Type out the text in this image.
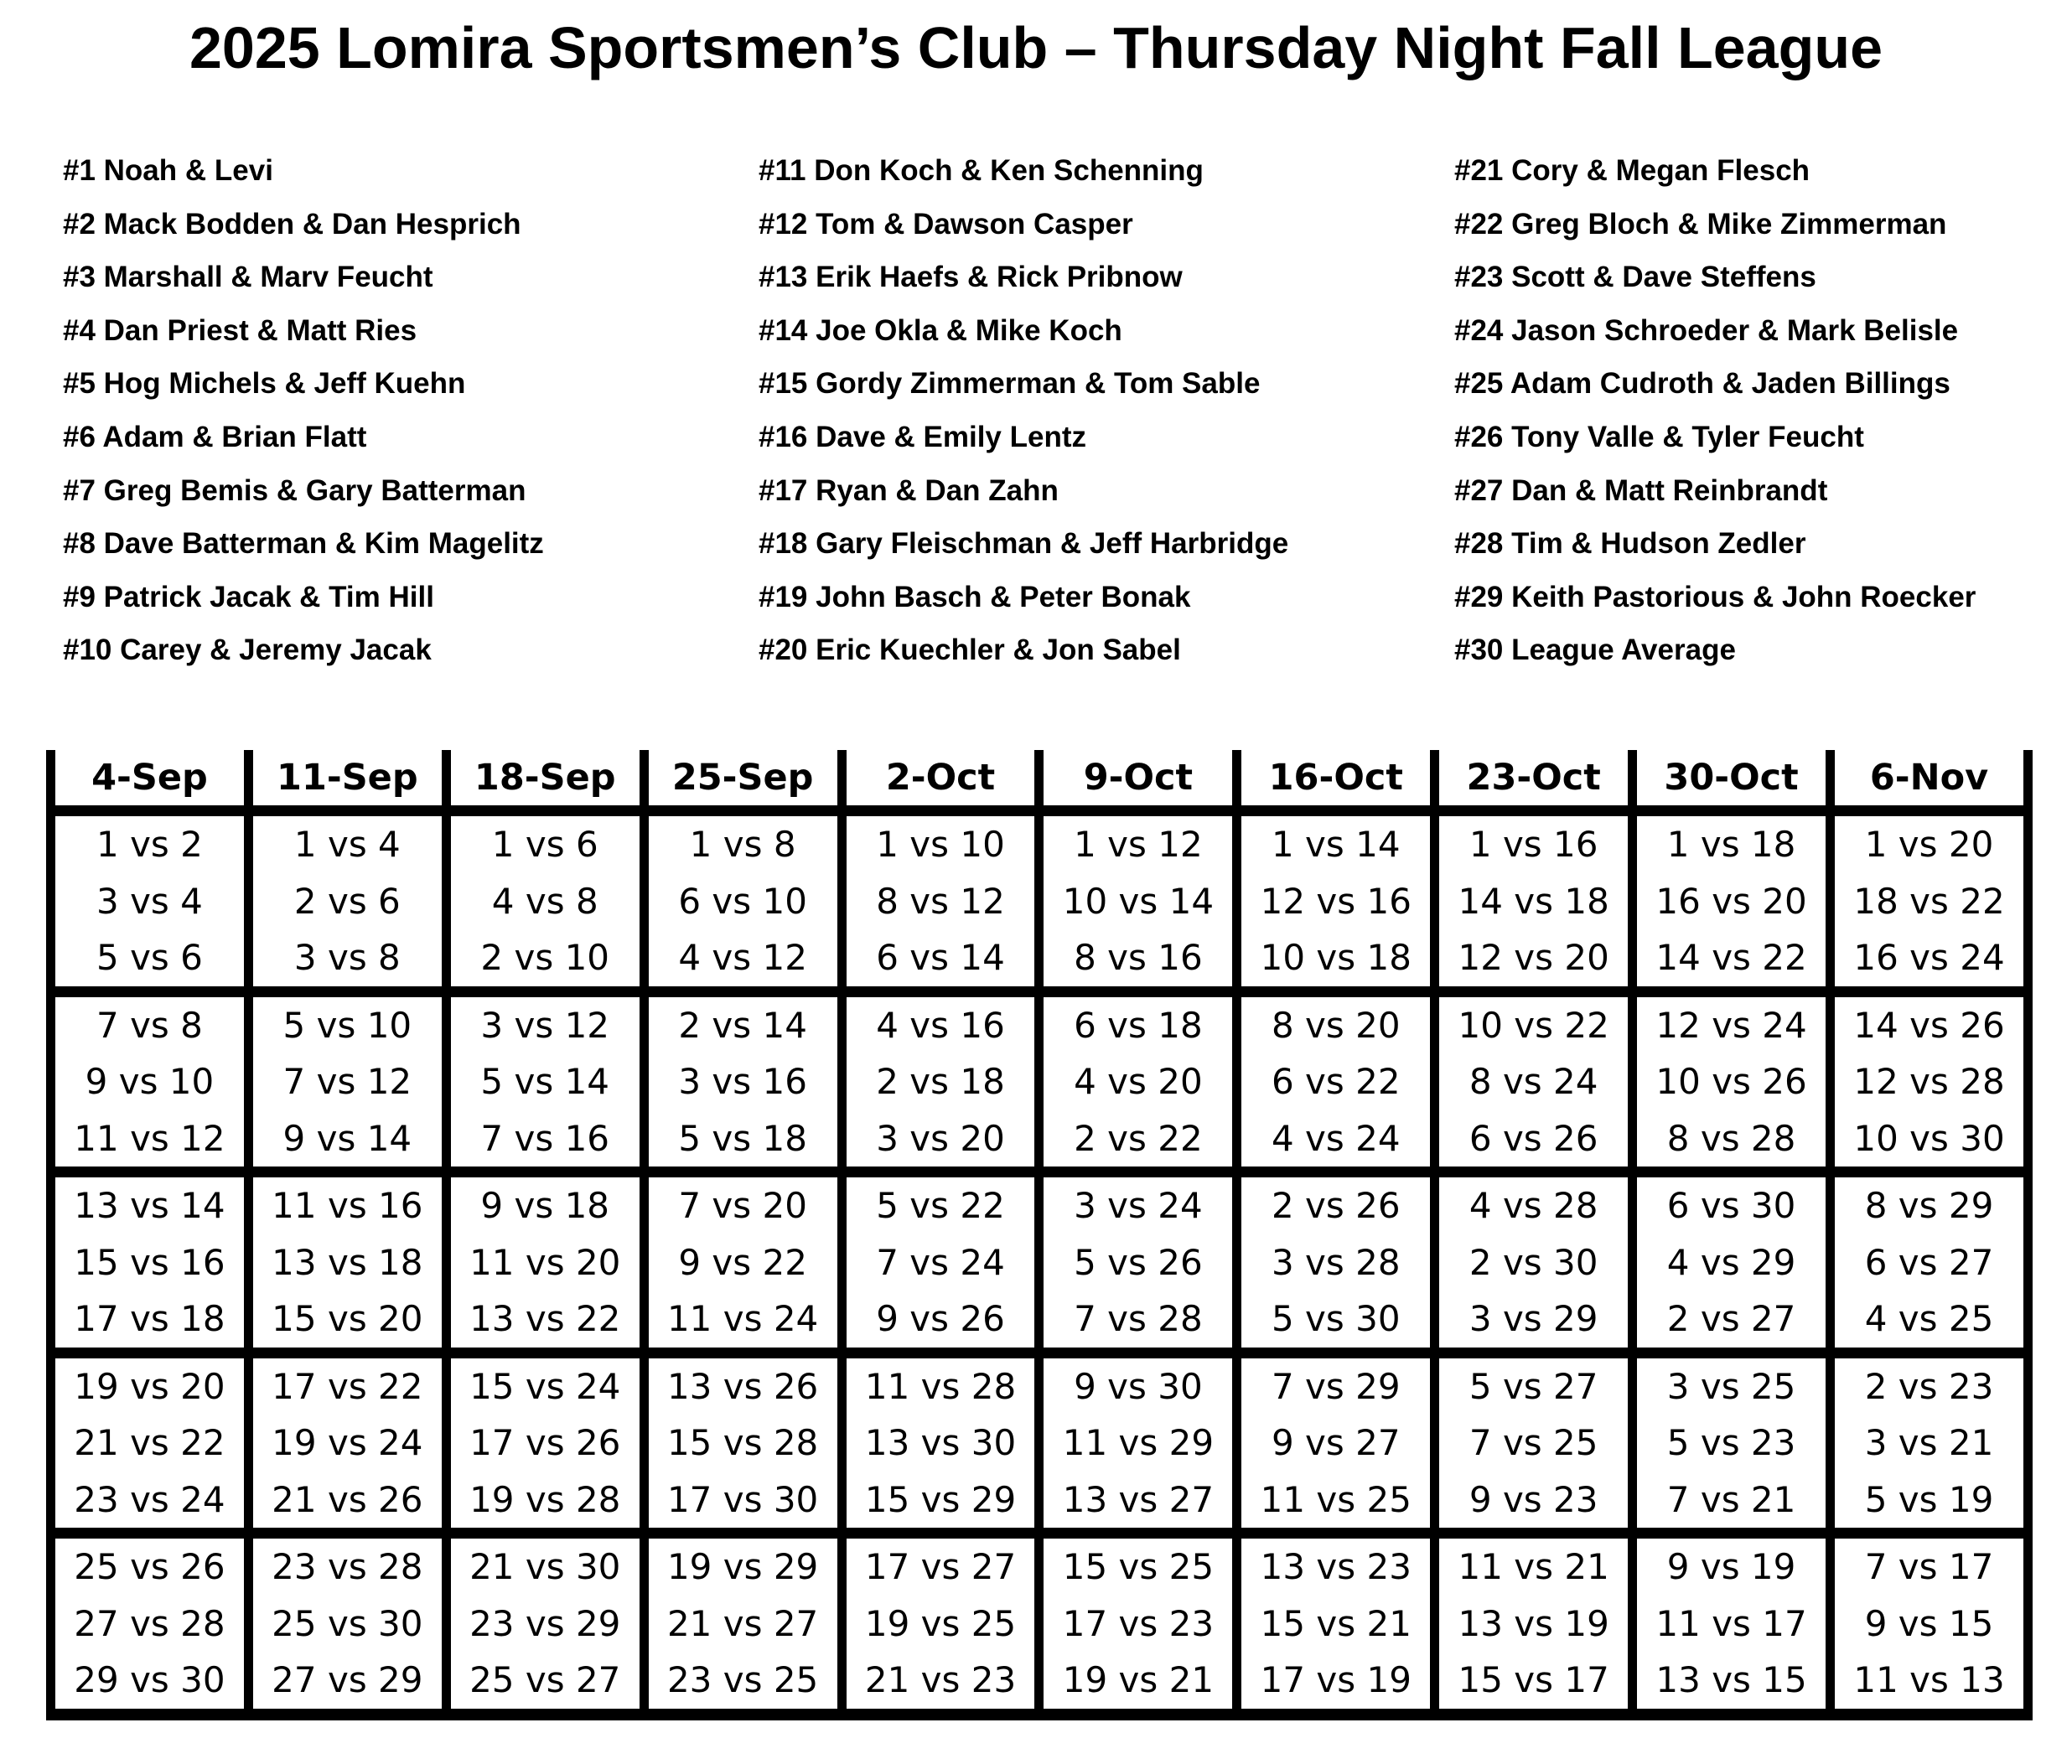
2025 Lomira Sportsmen’s Club – Thursday Night Fall League
#1 Noah & Levi
#2 Mack Bodden & Dan Hesprich
#3 Marshall & Marv Feucht
#4 Dan Priest & Matt Ries
#5 Hog Michels & Jeff Kuehn
#6 Adam & Brian Flatt
#7 Greg Bemis & Gary Batterman
#8 Dave Batterman & Kim Magelitz
#9 Patrick Jacak & Tim Hill
#10 Carey & Jeremy Jacak
#11 Don Koch & Ken Schenning
#12 Tom & Dawson Casper
#13 Erik Haefs & Rick Pribnow
#14 Joe Okla & Mike Koch
#15 Gordy Zimmerman & Tom Sable
#16 Dave & Emily Lentz
#17 Ryan & Dan Zahn
#18 Gary Fleischman & Jeff Harbridge
#19 John Basch & Peter Bonak
#20 Eric Kuechler & Jon Sabel
#21 Cory & Megan Flesch
#22 Greg Bloch & Mike Zimmerman
#23 Scott & Dave Steffens
#24 Jason Schroeder & Mark Belisle
#25 Adam Cudroth & Jaden Billings
#26 Tony Valle & Tyler Feucht
#27 Dan & Matt Reinbrandt
#28 Tim & Hudson Zedler
#29 Keith Pastorious & John Roecker
#30 League Average
4-Sep	11-Sep	18-Sep	25-Sep	2-Oct	9-Oct	16-Oct	23-Oct	30-Oct	6-Nov
1 vs 2	1 vs 4	1 vs 6	1 vs 8	1 vs 10	1 vs 12	1 vs 14	1 vs 16	1 vs 18	1 vs 20
3 vs 4	2 vs 6	4 vs 8	6 vs 10	8 vs 12	10 vs 14	12 vs 16	14 vs 18	16 vs 20	18 vs 22
5 vs 6	3 vs 8	2 vs 10	4 vs 12	6 vs 14	8 vs 16	10 vs 18	12 vs 20	14 vs 22	16 vs 24
7 vs 8	5 vs 10	3 vs 12	2 vs 14	4 vs 16	6 vs 18	8 vs 20	10 vs 22	12 vs 24	14 vs 26
9 vs 10	7 vs 12	5 vs 14	3 vs 16	2 vs 18	4 vs 20	6 vs 22	8 vs 24	10 vs 26	12 vs 28
11 vs 12	9 vs 14	7 vs 16	5 vs 18	3 vs 20	2 vs 22	4 vs 24	6 vs 26	8 vs 28	10 vs 30
13 vs 14	11 vs 16	9 vs 18	7 vs 20	5 vs 22	3 vs 24	2 vs 26	4 vs 28	6 vs 30	8 vs 29
15 vs 16	13 vs 18	11 vs 20	9 vs 22	7 vs 24	5 vs 26	3 vs 28	2 vs 30	4 vs 29	6 vs 27
17 vs 18	15 vs 20	13 vs 22	11 vs 24	9 vs 26	7 vs 28	5 vs 30	3 vs 29	2 vs 27	4 vs 25
19 vs 20	17 vs 22	15 vs 24	13 vs 26	11 vs 28	9 vs 30	7 vs 29	5 vs 27	3 vs 25	2 vs 23
21 vs 22	19 vs 24	17 vs 26	15 vs 28	13 vs 30	11 vs 29	9 vs 27	7 vs 25	5 vs 23	3 vs 21
23 vs 24	21 vs 26	19 vs 28	17 vs 30	15 vs 29	13 vs 27	11 vs 25	9 vs 23	7 vs 21	5 vs 19
25 vs 26	23 vs 28	21 vs 30	19 vs 29	17 vs 27	15 vs 25	13 vs 23	11 vs 21	9 vs 19	7 vs 17
27 vs 28	25 vs 30	23 vs 29	21 vs 27	19 vs 25	17 vs 23	15 vs 21	13 vs 19	11 vs 17	9 vs 15
29 vs 30	27 vs 29	25 vs 27	23 vs 25	21 vs 23	19 vs 21	17 vs 19	15 vs 17	13 vs 15	11 vs 13
